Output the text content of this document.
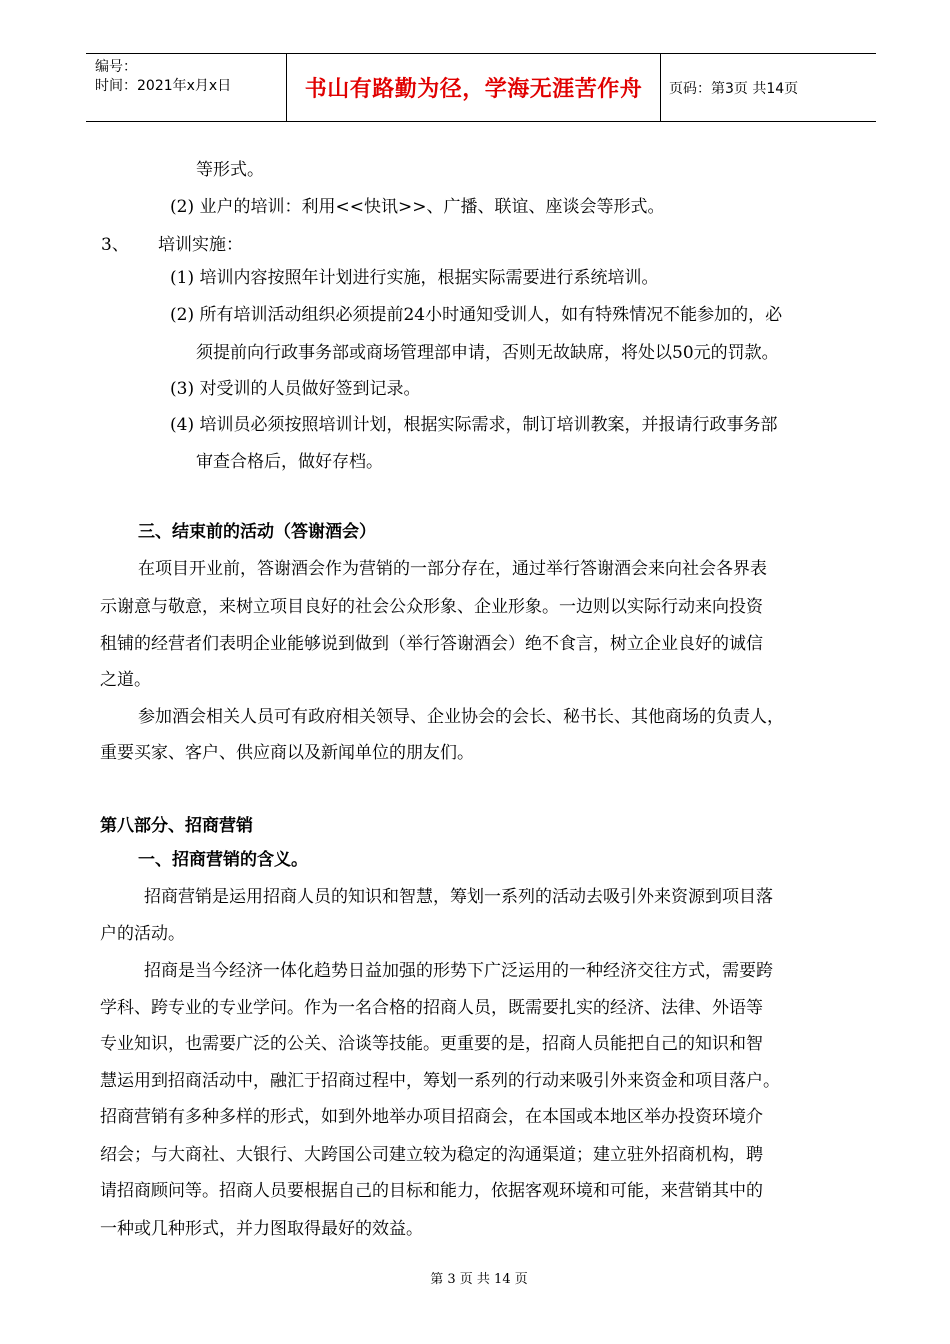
编号：
时间：2021年x月x日	书山有路勤为径，学海无涯苦作舟	页码：第3页 共14页
等形式。
(2) 业户的培训：利用<<快讯>>、广播、联谊、座谈会等形式。
3、 培训实施：
(1) 培训内容按照年计划进行实施，根据实际需要进行系统培训。
(2) 所有培训活动组织必须提前24小时通知受训人，如有特殊情况不能参加的，必
须提前向行政事务部或商场管理部申请，否则无故缺席，将处以50元的罚款。
(3) 对受训的人员做好签到记录。
(4) 培训员必须按照培训计划，根据实际需求，制订培训教案，并报请行政事务部
审查合格后，做好存档。
三、结束前的活动（答谢酒会）
在项目开业前，答谢酒会作为营销的一部分存在，通过举行答谢酒会来向社会各界表
示谢意与敬意，来树立项目良好的社会公众形象、企业形象。一边则以实际行动来向投资
租铺的经营者们表明企业能够说到做到（举行答谢酒会）绝不食言，树立企业良好的诚信
之道。
参加酒会相关人员可有政府相关领导、企业协会的会长、秘书长、其他商场的负责人，
重要买家、客户、供应商以及新闻单位的朋友们。
第八部分、招商营销
一、招商营销的含义。
招商营销是运用招商人员的知识和智慧，筹划一系列的活动去吸引外来资源到项目落
户的活动。
招商是当今经济一体化趋势日益加强的形势下广泛运用的一种经济交往方式，需要跨
学科、跨专业的专业学问。作为一名合格的招商人员，既需要扎实的经济、法律、外语等
专业知识，也需要广泛的公关、洽谈等技能。更重要的是，招商人员能把自己的知识和智
慧运用到招商活动中，融汇于招商过程中，筹划一系列的行动来吸引外来资金和项目落户。
招商营销有多种多样的形式，如到外地举办项目招商会，在本国或本地区举办投资环境介
绍会；与大商社、大银行、大跨国公司建立较为稳定的沟通渠道；建立驻外招商机构，聘
请招商顾问等。招商人员要根据自己的目标和能力，依据客观环境和可能，来营销其中的
一种或几种形式，并力图取得最好的效益。
第 3 页 共 14 页
